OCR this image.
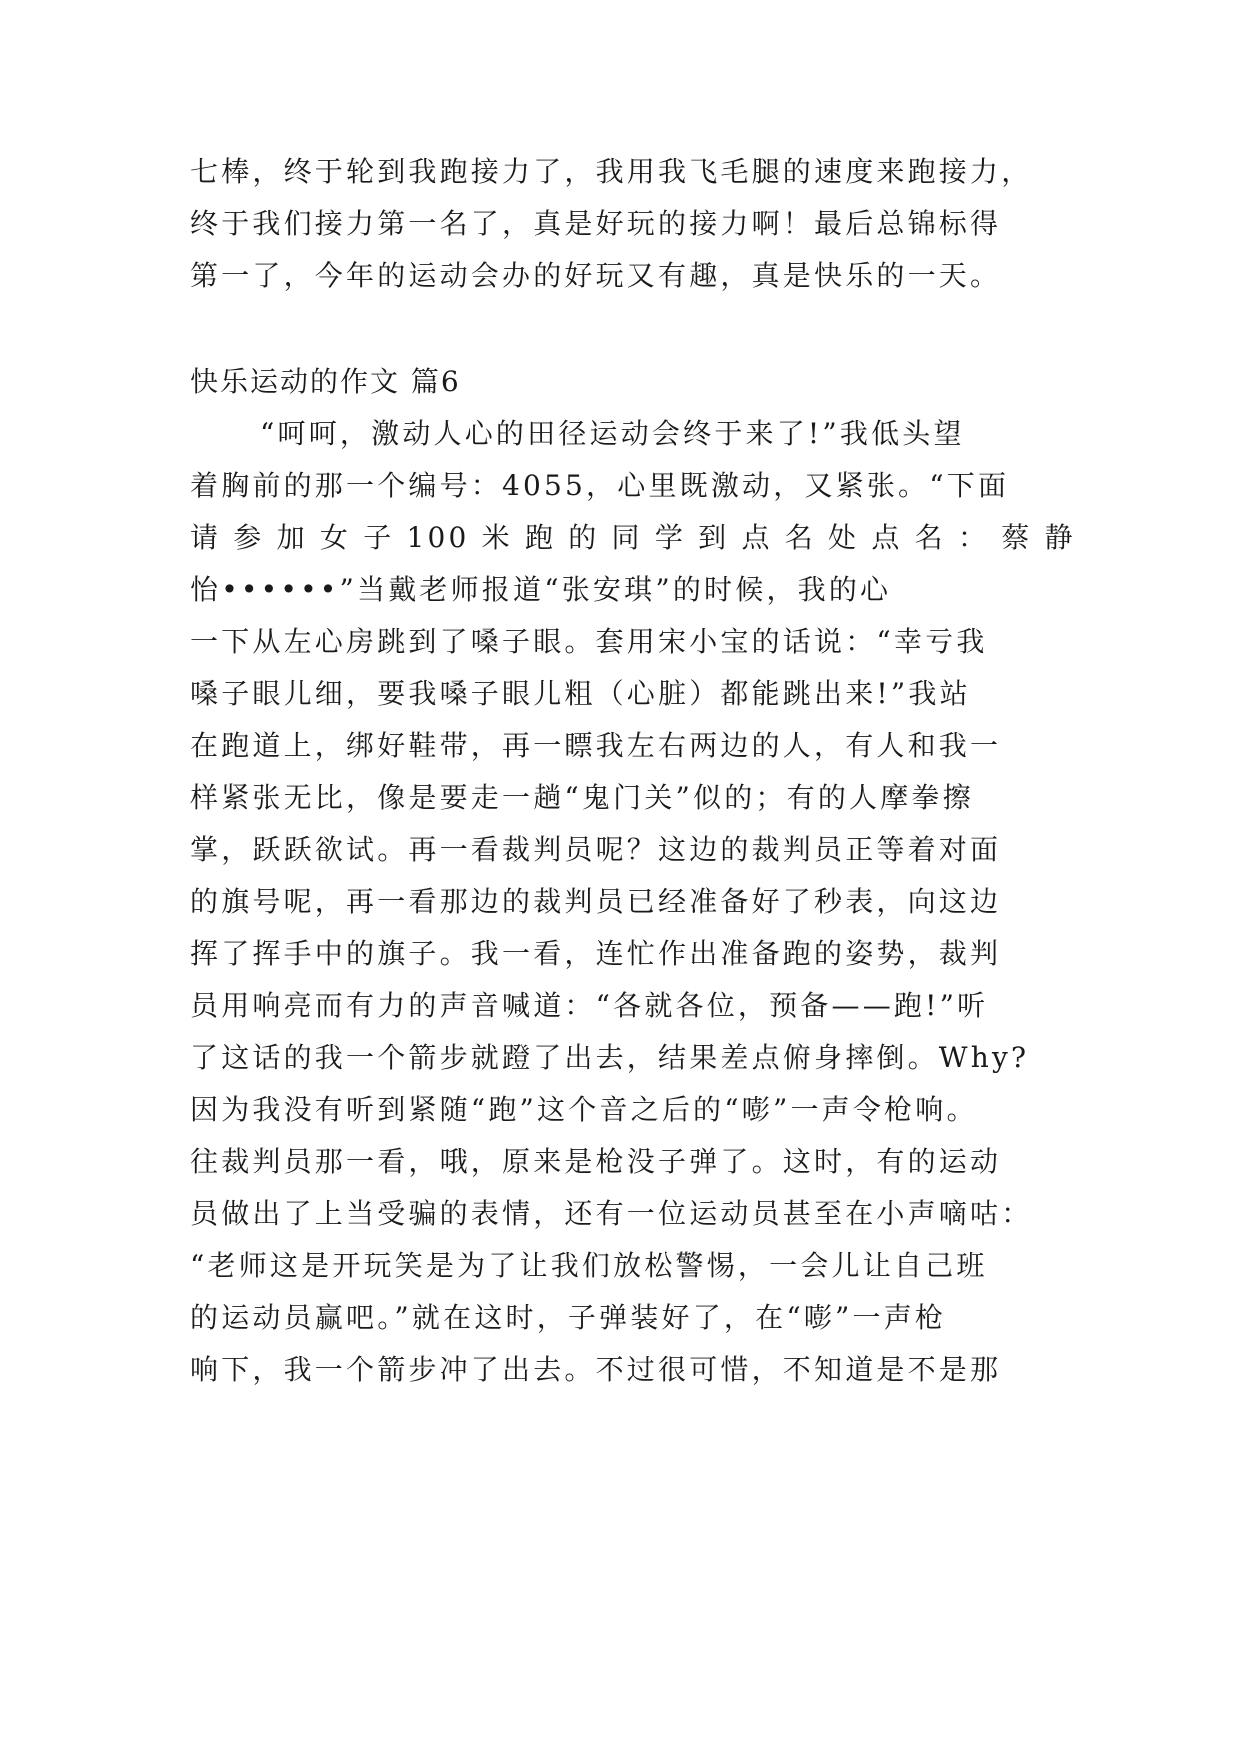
七棒，终于轮到我跑接力了，我用我飞毛腿的速度来跑接力，
终于我们接力第一名了，真是好玩的接力啊！最后总锦标得
第一了，今年的运动会办的好玩又有趣，真是快乐的一天。
快乐运动的作文 篇6
“呵呵，激动人心的田径运动会终于来了!”我低头望
着胸前的那一个编号：4055，心里既激动，又紧张。“下面
请 参 加 女 子 100 米 跑 的 同 学 到 点 名 处 点 名 ： 蔡 静
怡••••••”当戴老师报道“张安琪”的时候，我的心
一下从左心房跳到了嗓子眼。套用宋小宝的话说：“幸亏我
嗓子眼儿细，要我嗓子眼儿粗（心脏）都能跳出来!”我站
在跑道上，绑好鞋带，再一瞟我左右两边的人，有人和我一
样紧张无比，像是要走一趟“鬼门关”似的；有的人摩拳擦
掌，跃跃欲试。再一看裁判员呢？这边的裁判员正等着对面
的旗号呢，再一看那边的裁判员已经准备好了秒表，向这边
挥了挥手中的旗子。我一看，连忙作出准备跑的姿势，裁判
员用响亮而有力的声音喊道：“各就各位，预备——跑!”听
了这话的我一个箭步就蹬了出去，结果差点俯身摔倒。Why?
因为我没有听到紧随“跑”这个音之后的“嘭”一声令枪响。
往裁判员那一看，哦，原来是枪没子弹了。这时，有的运动
员做出了上当受骗的表情，还有一位运动员甚至在小声嘀咕：
“老师这是开玩笑是为了让我们放松警惕，一会儿让自己班
的运动员赢吧。”就在这时，子弹装好了，在“嘭”一声枪
响下，我一个箭步冲了出去。不过很可惜，不知道是不是那
